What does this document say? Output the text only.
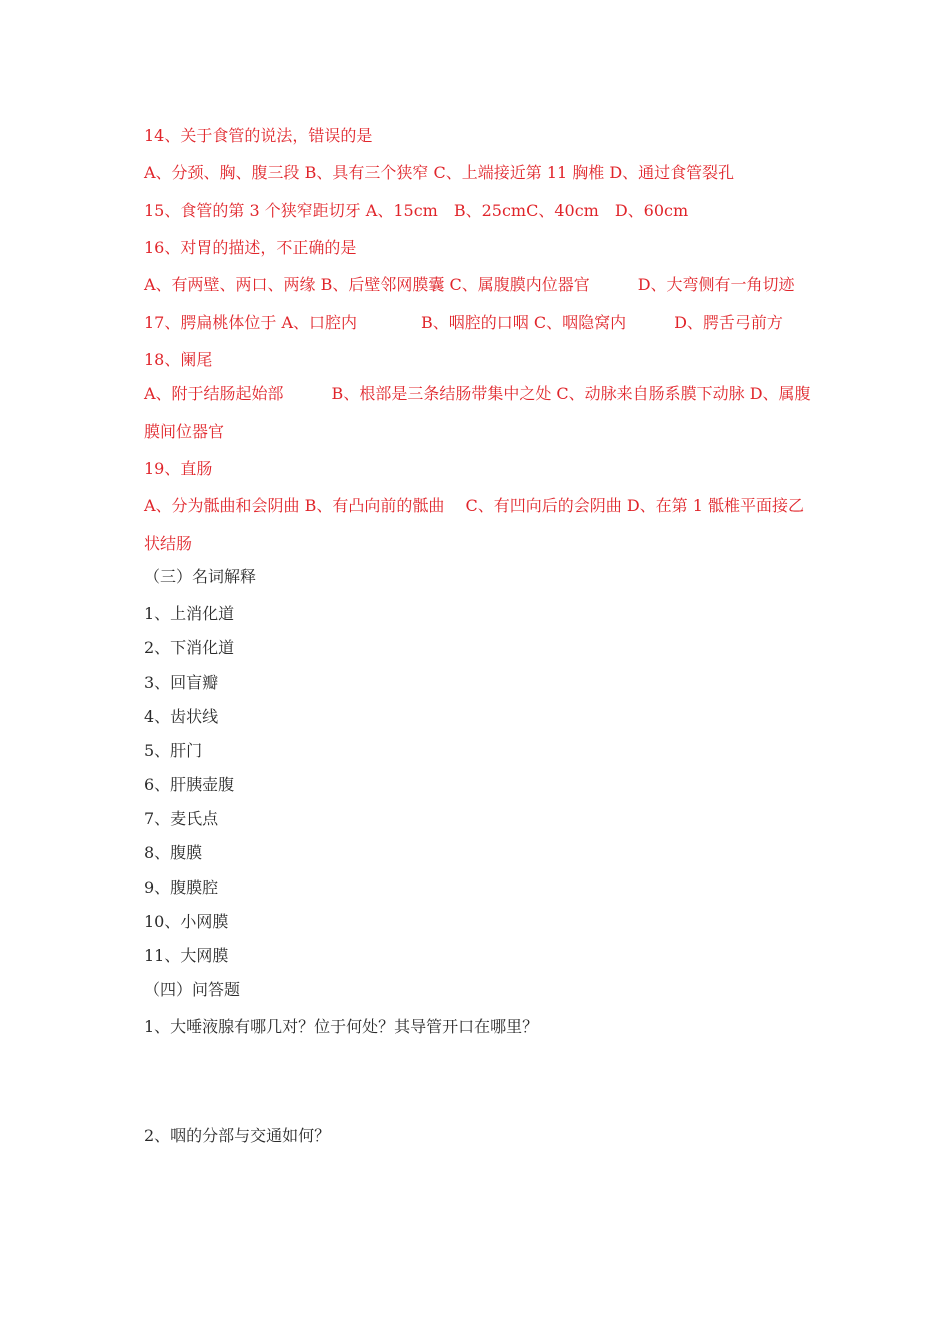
14、关于食管的说法，错误的是

A、分颈、胸、腹三段 B、具有三个狭窄 C、上端接近第 11 胸椎 D、通过食管裂孔

15、食管的第 3 个狭窄距切牙 A、15cm　B、25cmC、40cm　D、60cm

16、对胃的描述，不正确的是

A、有两壁、两口、两缘 B、后壁邻网膜囊 C、属腹膜内位器官　　　D、大弯侧有一角切迹

17、腭扁桃体位于 A、口腔内　　　　B、咽腔的口咽 C、咽隐窝内　　　D、腭舌弓前方

18、阑尾

A、附于结肠起始部　　　B、根部是三条结肠带集中之处 C、动脉来自肠系膜下动脉 D、属腹

膜间位器官

19、直肠

A、分为骶曲和会阴曲 B、有凸向前的骶曲　 C、有凹向后的会阴曲 D、在第 1 骶椎平面接乙

状结肠

（三）名词解释

1、上消化道

2、下消化道

3、回盲瓣

4、齿状线

5、肝门

6、肝胰壶腹

7、麦氏点

8、腹膜

9、腹膜腔

10、小网膜

11、大网膜

（四）问答题

1、大唾液腺有哪几对？位于何处？其导管开口在哪里？

2、咽的分部与交通如何？
